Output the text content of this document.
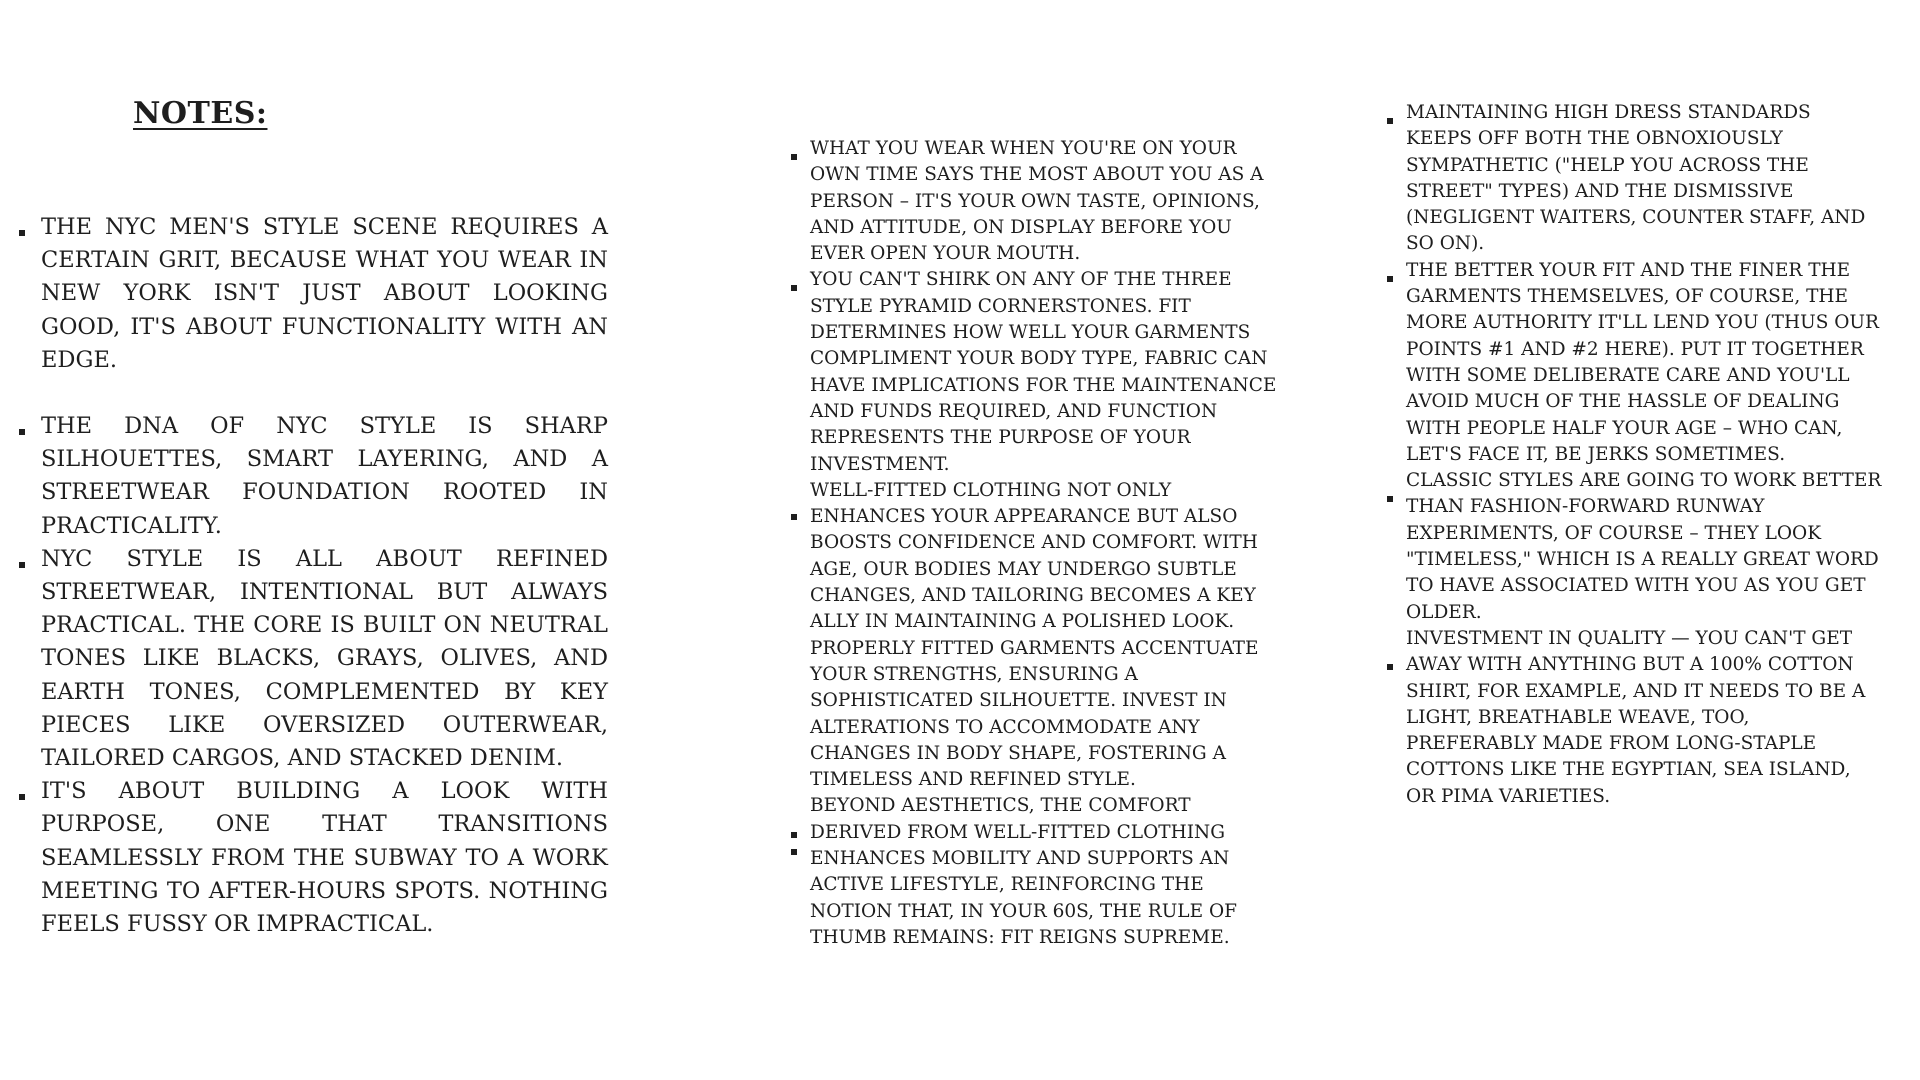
NOTES:

THE NYC MEN'S STYLE SCENE REQUIRES A CERTAIN GRIT, BECAUSE WHAT YOU WEAR IN NEW YORK ISN'T JUST ABOUT LOOKING GOOD, IT'S ABOUT FUNCTIONALITY WITH AN EDGE.

THE DNA OF NYC STYLE IS SHARP SILHOUETTES, SMART LAYERING, AND A STREETWEAR FOUNDATION ROOTED IN PRACTICALITY.

NYC STYLE IS ALL ABOUT REFINED STREETWEAR, INTENTIONAL BUT ALWAYS PRACTICAL. THE CORE IS BUILT ON NEUTRAL TONES LIKE BLACKS, GRAYS, OLIVES, AND EARTH TONES, COMPLEMENTED BY KEY PIECES LIKE OVERSIZED OUTERWEAR, TAILORED CARGOS, AND STACKED DENIM.

IT'S ABOUT BUILDING A LOOK WITH PURPOSE, ONE THAT TRANSITIONS SEAMLESSLY FROM THE SUBWAY TO A WORK MEETING TO AFTER-HOURS SPOTS. NOTHING FEELS FUSSY OR IMPRACTICAL.

WHAT YOU WEAR WHEN YOU'RE ON YOUR OWN TIME SAYS THE MOST ABOUT YOU AS A PERSON – IT'S YOUR OWN TASTE, OPINIONS, AND ATTITUDE, ON DISPLAY BEFORE YOU EVER OPEN YOUR MOUTH.

YOU CAN'T SHIRK ON ANY OF THE THREE STYLE PYRAMID CORNERSTONES. FIT DETERMINES HOW WELL YOUR GARMENTS COMPLIMENT YOUR BODY TYPE, FABRIC CAN HAVE IMPLICATIONS FOR THE MAINTENANCE AND FUNDS REQUIRED, AND FUNCTION REPRESENTS THE PURPOSE OF YOUR INVESTMENT.

WELL-FITTED CLOTHING NOT ONLY ENHANCES YOUR APPEARANCE BUT ALSO BOOSTS CONFIDENCE AND COMFORT. WITH AGE, OUR BODIES MAY UNDERGO SUBTLE CHANGES, AND TAILORING BECOMES A KEY ALLY IN MAINTAINING A POLISHED LOOK.

PROPERLY FITTED GARMENTS ACCENTUATE YOUR STRENGTHS, ENSURING A SOPHISTICATED SILHOUETTE. INVEST IN ALTERATIONS TO ACCOMMODATE ANY CHANGES IN BODY SHAPE, FOSTERING A TIMELESS AND REFINED STYLE.

BEYOND AESTHETICS, THE COMFORT DERIVED FROM WELL-FITTED CLOTHING ENHANCES MOBILITY AND SUPPORTS AN ACTIVE LIFESTYLE, REINFORCING THE NOTION THAT, IN YOUR 60S, THE RULE OF THUMB REMAINS: FIT REIGNS SUPREME.

MAINTAINING HIGH DRESS STANDARDS KEEPS OFF BOTH THE OBNOXIOUSLY SYMPATHETIC ("HELP YOU ACROSS THE STREET" TYPES) AND THE DISMISSIVE (NEGLIGENT WAITERS, COUNTER STAFF, AND SO ON).

THE BETTER YOUR FIT AND THE FINER THE GARMENTS THEMSELVES, OF COURSE, THE MORE AUTHORITY IT'LL LEND YOU (THUS OUR POINTS #1 AND #2 HERE). PUT IT TOGETHER WITH SOME DELIBERATE CARE AND YOU'LL AVOID MUCH OF THE HASSLE OF DEALING WITH PEOPLE HALF YOUR AGE – WHO CAN, LET'S FACE IT, BE JERKS SOMETIMES.

CLASSIC STYLES ARE GOING TO WORK BETTER THAN FASHION-FORWARD RUNWAY EXPERIMENTS, OF COURSE – THEY LOOK "TIMELESS," WHICH IS A REALLY GREAT WORD TO HAVE ASSOCIATED WITH YOU AS YOU GET OLDER.

INVESTMENT IN QUALITY — YOU CAN'T GET AWAY WITH ANYTHING BUT A 100% COTTON SHIRT, FOR EXAMPLE, AND IT NEEDS TO BE A LIGHT, BREATHABLE WEAVE, TOO, PREFERABLY MADE FROM LONG-STAPLE COTTONS LIKE THE EGYPTIAN, SEA ISLAND, OR PIMA VARIETIES.
